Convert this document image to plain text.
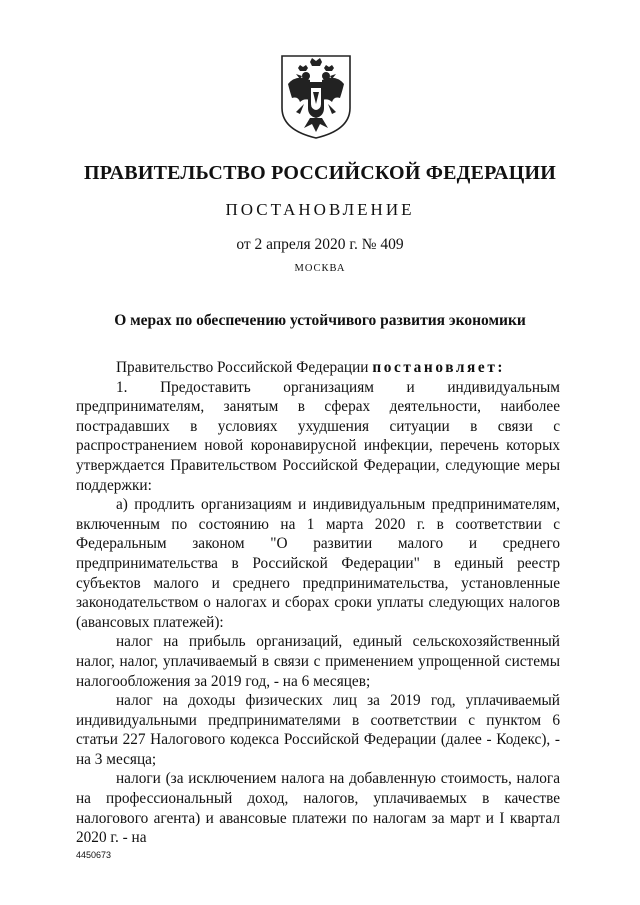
ПРАВИТЕЛЬСТВО РОССИЙСКОЙ ФЕДЕРАЦИИ
ПОСТАНОВЛЕНИЕ
от 2 апреля 2020 г. № 409
МОСКВА
О мерах по обеспечению устойчивого развития экономики

Правительство Российской Федерации постановляет:

1. Предоставить организациям и индивидуальным предпринимателям, занятым в сферах деятельности, наиболее пострадавших в условиях ухудшения ситуации в связи с распространением новой коронавирусной инфекции, перечень которых утверждается Правительством Российской Федерации, следующие меры поддержки:

а) продлить организациям и индивидуальным предпринимателям, включенным по состоянию на 1 марта 2020 г. в соответствии с Федеральным законом "О развитии малого и среднего предпринимательства в Российской Федерации" в единый реестр субъектов малого и среднего предпринимательства, установленные законодательством о налогах и сборах сроки уплаты следующих налогов (авансовых платежей):

налог на прибыль организаций, единый сельскохозяйственный налог, налог, уплачиваемый в связи с применением упрощенной системы налогообложения за 2019 год, - на 6 месяцев;

налог на доходы физических лиц за 2019 год, уплачиваемый индивидуальными предпринимателями в соответствии с пунктом 6 статьи 227 Налогового кодекса Российской Федерации (далее - Кодекс), - на 3 месяца;

налоги (за исключением налога на добавленную стоимость, налога на профессиональный доход, налогов, уплачиваемых в качестве налогового агента) и авансовые платежи по налогам за март и I квартал 2020 г. - на

4450673
